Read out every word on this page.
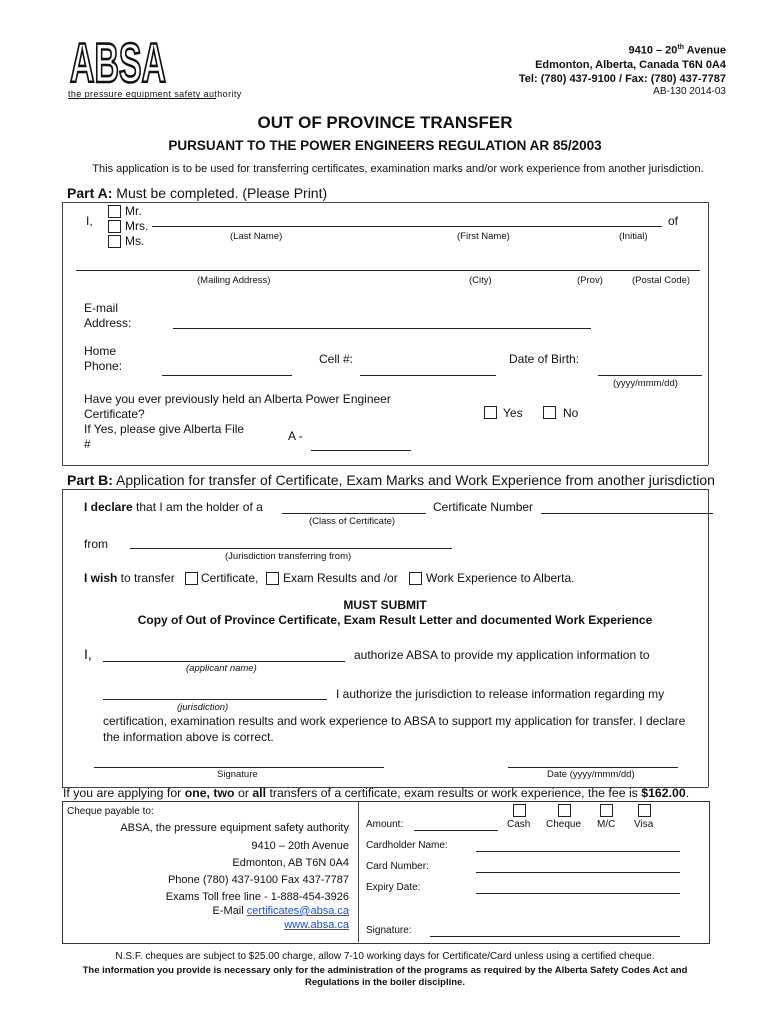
ABSA
the pressure equipment safety authority
9410 – 20th Avenue
Edmonton, Alberta, Canada T6N 0A4
Tel: (780) 437-9100 / Fax: (780) 437-7787
AB-130 2014-03
OUT OF PROVINCE TRANSFER
PURSUANT TO THE POWER ENGINEERS REGULATION AR 85/2003
This application is to be used for transferring certificates, examination marks and/or work experience from another jurisdiction.
Part A: Must be completed. (Please Print)
I,
Mr.
Mrs.
Ms.
of
(Last Name)	(First Name)	(Initial)
(Mailing Address)	(City)	(Prov)	(Postal Code)
E-mail
Address:
Home
Phone:	Cell #:	Date of Birth:
(yyyy/mmm/dd)
Have you ever previously held an Alberta Power Engineer
Certificate?	Yes	No
If Yes, please give Alberta File
#
A -
Part B: Application for transfer of Certificate, Exam Marks and Work Experience from another jurisdiction
I declare that I am the holder of a	Certificate Number
(Class of Certificate)
from
(Jurisdiction transferring from)
I wish to transfer Certificate, Exam Results and /or Work Experience to Alberta.
MUST SUBMIT
Copy of Out of Province Certificate, Exam Result Letter and documented Work Experience
I,	authorize ABSA to provide my application information to
(applicant name)
I authorize the jurisdiction to release information regarding my
(jurisdiction)
certification, examination results and work experience to ABSA to support my application for transfer. I declare
the information above is correct.
Signature	Date (yyyy/mmm/dd)
If you are applying for one, two or all transfers of a certificate, exam results or work experience, the fee is $162.00.
Cheque payable to:
ABSA, the pressure equipment safety authority
9410 – 20th Avenue
Edmonton, AB T6N 0A4
Phone (780) 437-9100 Fax 437-7787
Exams Toll free line - 1-888-454-3926
E-Mail certificates@absa.ca
www.absa.ca
Amount:	Cash Cheque M/C Visa
Cardholder Name:
Card Number:
Expiry Date:
Signature:
N.S.F. cheques are subject to $25.00 charge, allow 7-10 working days for Certificate/Card unless using a certified cheque.
The information you provide is necessary only for the administration of the programs as required by the Alberta Safety Codes Act and
Regulations in the boiler discipline.
